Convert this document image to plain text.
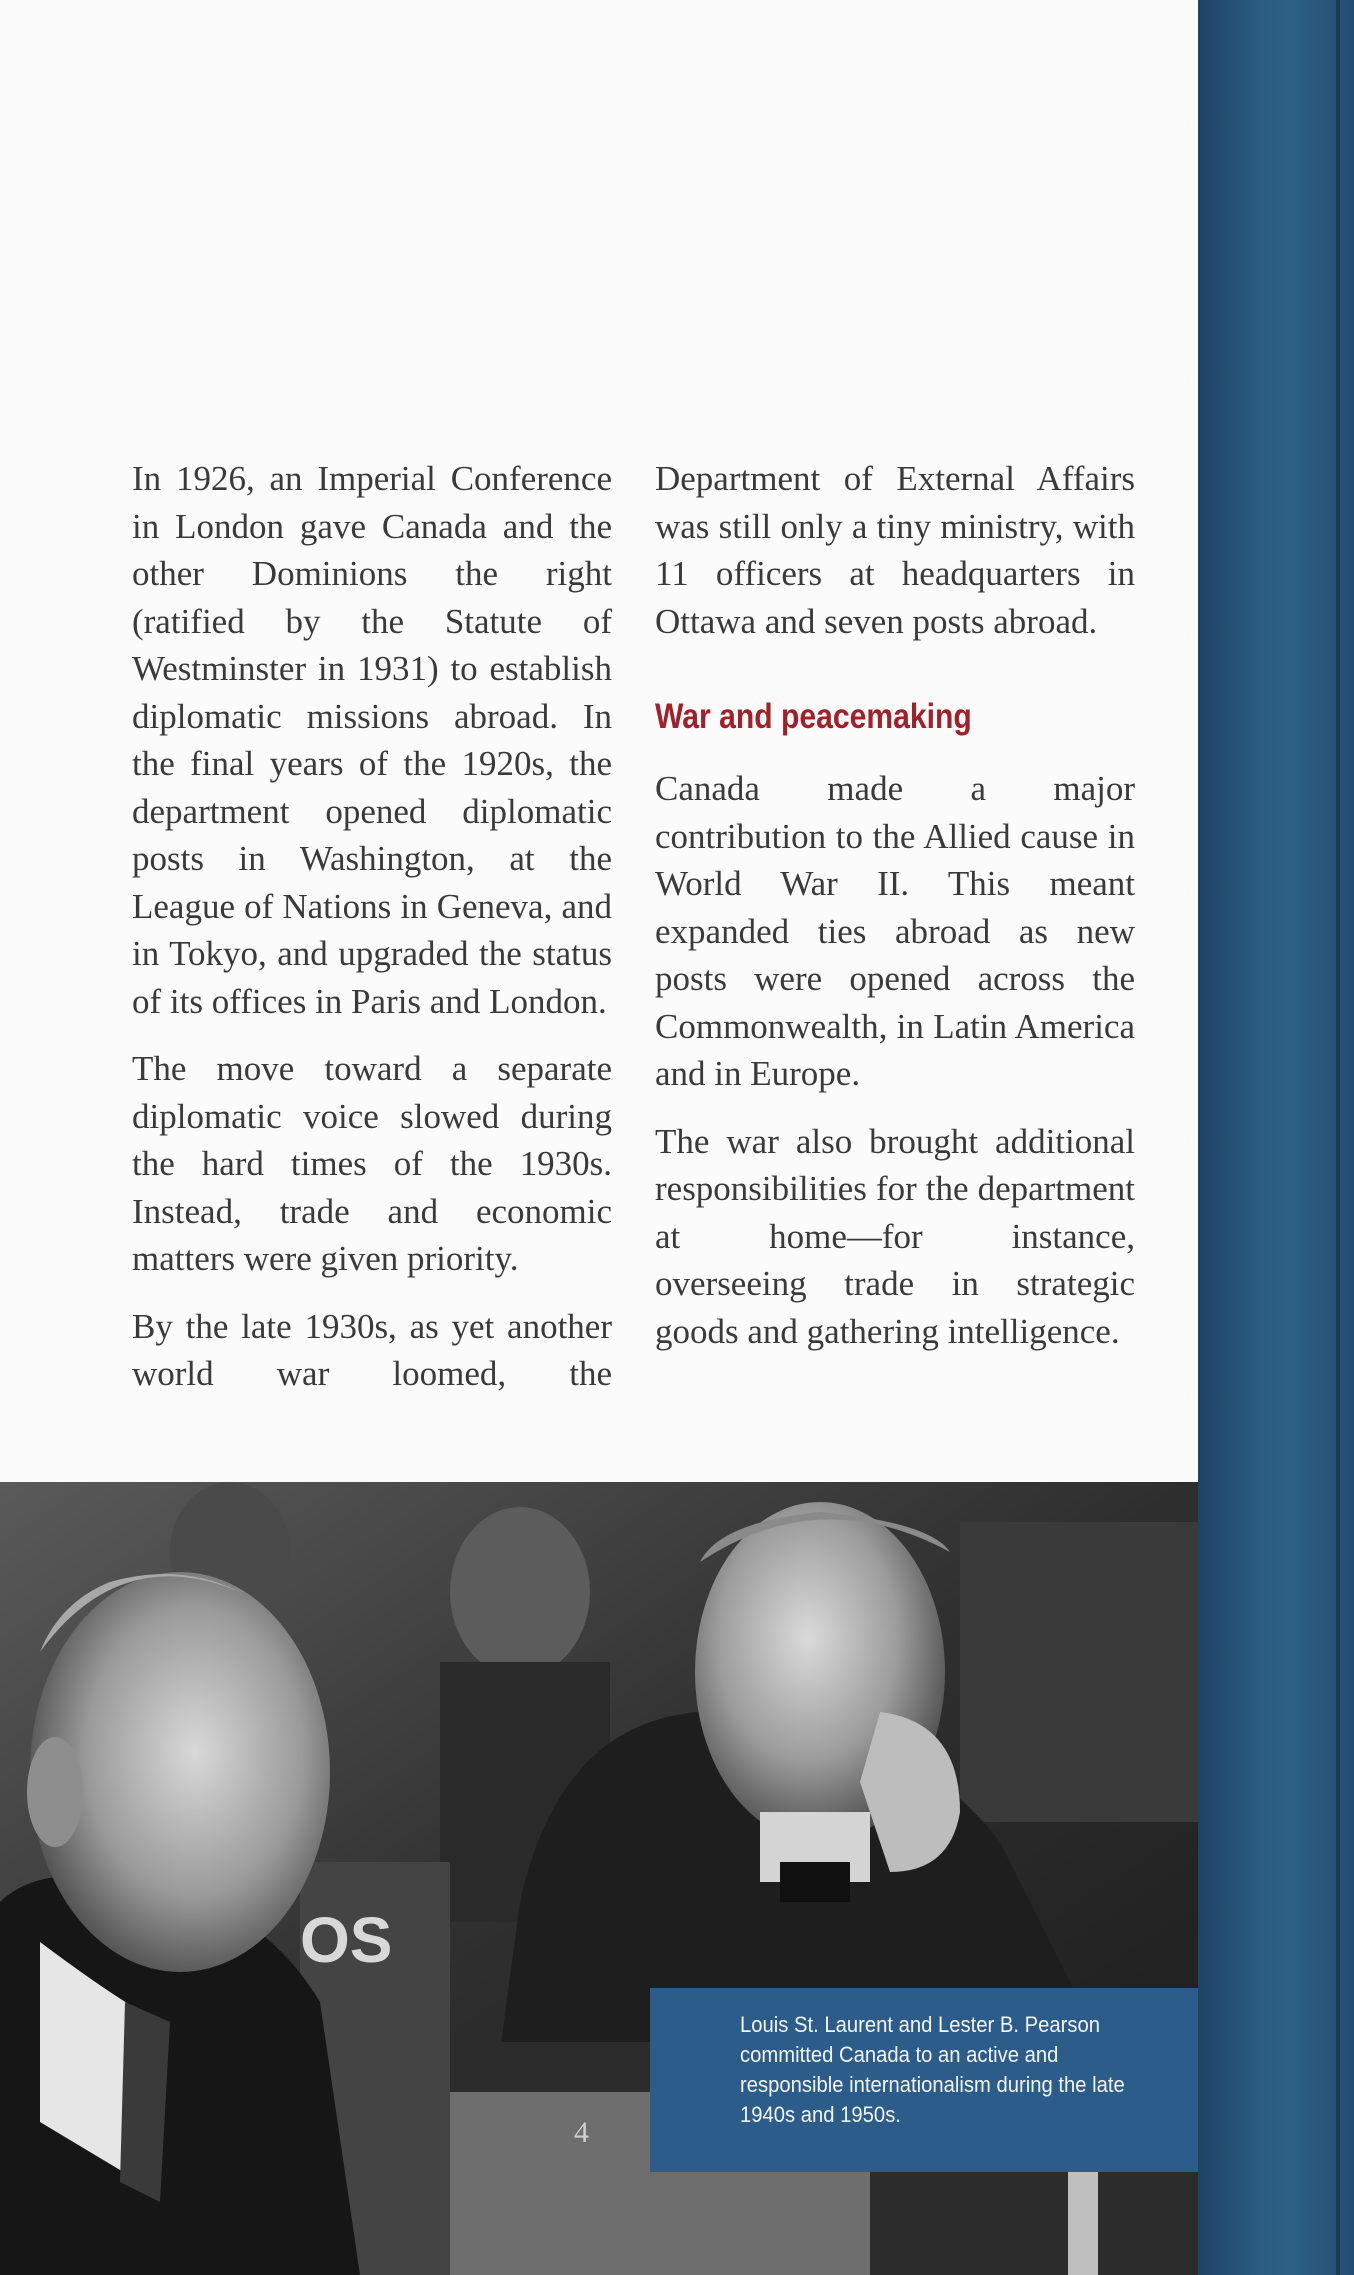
In 1926, an Imperial Conference in London gave Canada and the other Dominions the right (ratified by the Statute of Westminster in 1931) to establish diplomatic missions abroad. In the final years of the 1920s, the department opened diplomatic posts in Washington, at the League of Nations in Geneva, and in Tokyo, and upgraded the status of its offices in Paris and London.

The move toward a separate diplomatic voice slowed during the hard times of the 1930s. Instead, trade and economic matters were given priority.

By the late 1930s, as yet another world war loomed, the

Department of External Affairs was still only a tiny ministry, with 11 officers at headquarters in Ottawa and seven posts abroad.

War and peacemaking

Canada made a major contribution to the Allied cause in World War II. This meant expanded ties abroad as new posts were opened across the Commonwealth, in Latin America and in Europe.

The war also brought additional responsibilities for the department at home—for instance, overseeing trade in strategic goods and gathering intelligence.

OS
Louis St. Laurent and Lester B. Pearson committed Canada to an active and responsible internationalism during the late 1940s and 1950s.
4
